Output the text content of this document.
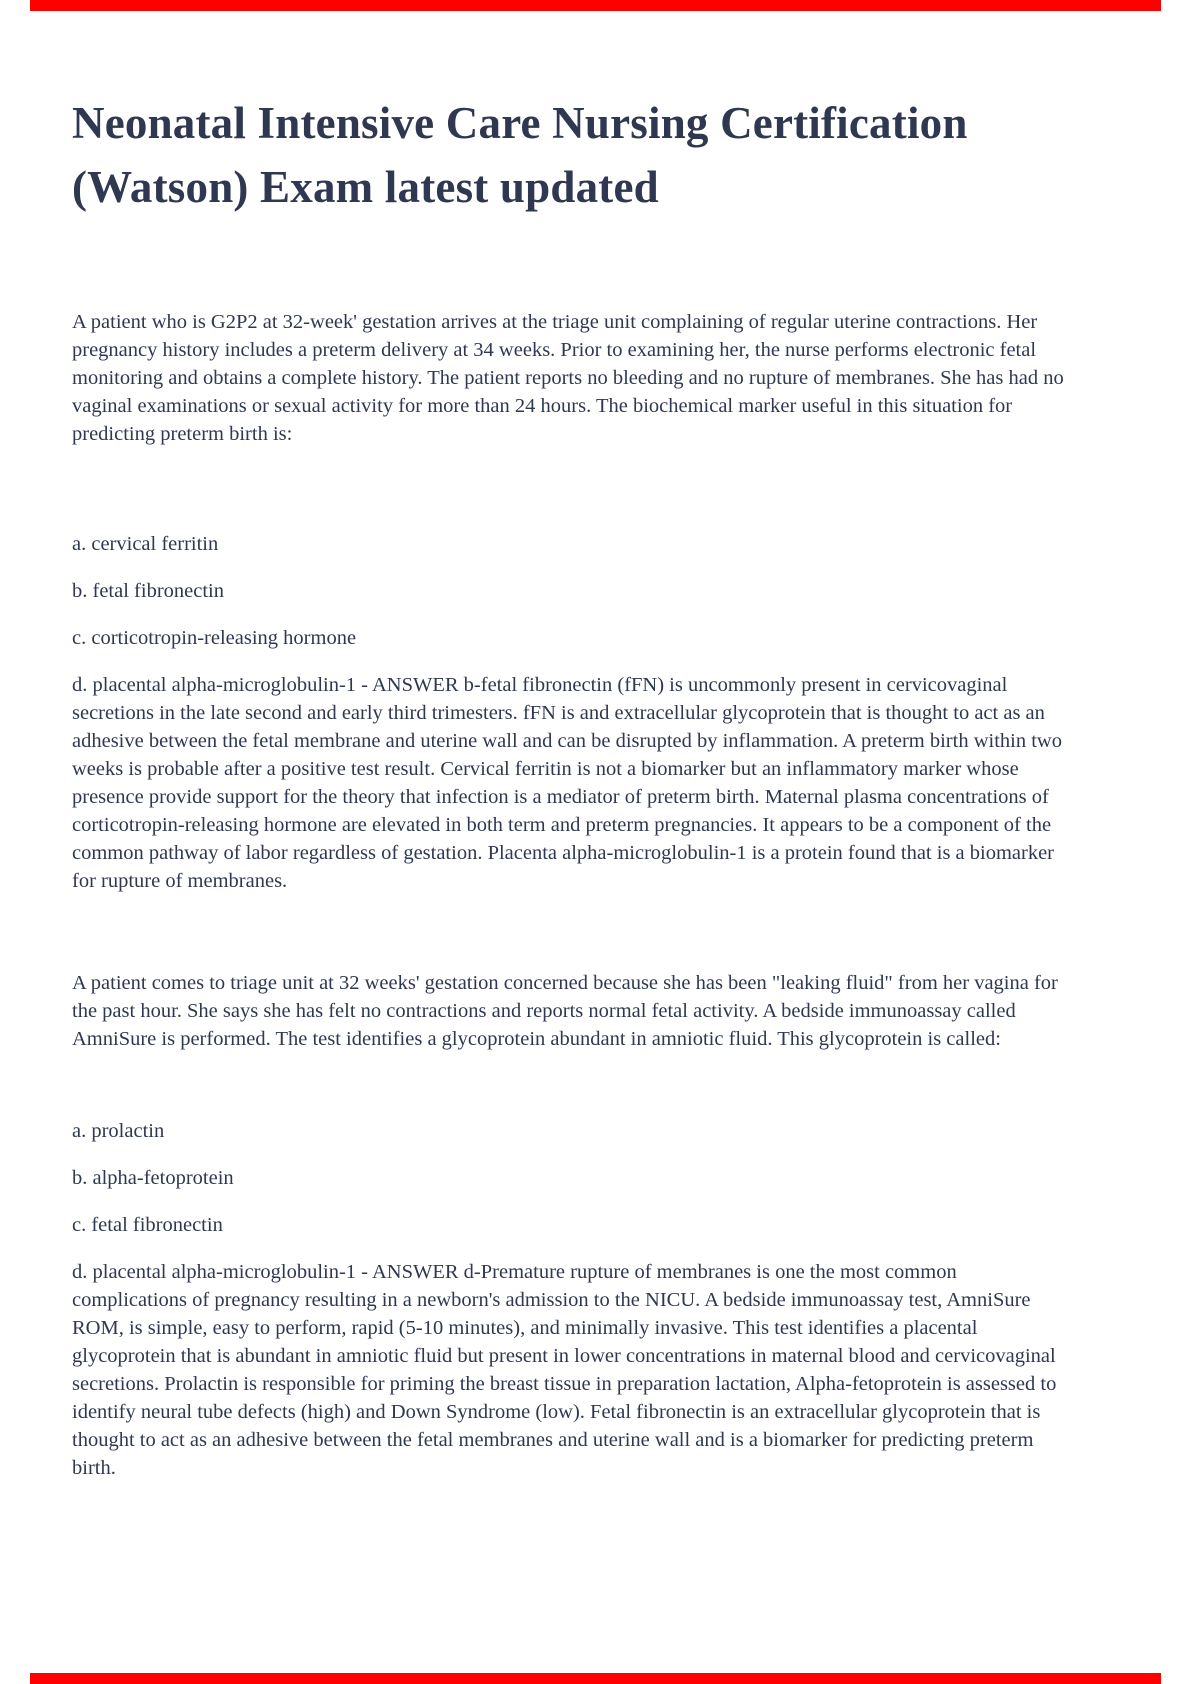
Neonatal Intensive Care Nursing Certification (Watson) Exam latest updated

A patient who is G2P2 at 32-week' gestation arrives at the triage unit complaining of regular uterine contractions. Her pregnancy history includes a preterm delivery at 34 weeks. Prior to examining her, the nurse performs electronic fetal monitoring and obtains a complete history. The patient reports no bleeding and no rupture of membranes. She has had no vaginal examinations or sexual activity for more than 24 hours. The biochemical marker useful in this situation for predicting preterm birth is:

a. cervical ferritin

b. fetal fibronectin

c. corticotropin-releasing hormone

d. placental alpha-microglobulin-1 - ANSWER b-fetal fibronectin (fFN) is uncommonly present in cervicovaginal secretions in the late second and early third trimesters. fFN is and extracellular glycoprotein that is thought to act as an adhesive between the fetal membrane and uterine wall and can be disrupted by inflammation. A preterm birth within two weeks is probable after a positive test result. Cervical ferritin is not a biomarker but an inflammatory marker whose presence provide support for the theory that infection is a mediator of preterm birth. Maternal plasma concentrations of corticotropin-releasing hormone are elevated in both term and preterm pregnancies. It appears to be a component of the common pathway of labor regardless of gestation. Placenta alpha-microglobulin-1 is a protein found that is a biomarker for rupture of membranes.

A patient comes to triage unit at 32 weeks' gestation concerned because she has been "leaking fluid" from her vagina for the past hour. She says she has felt no contractions and reports normal fetal activity. A bedside immunoassay called AmniSure is performed. The test identifies a glycoprotein abundant in amniotic fluid. This glycoprotein is called:

a. prolactin

b. alpha-fetoprotein

c. fetal fibronectin

d. placental alpha-microglobulin-1 - ANSWER d-Premature rupture of membranes is one the most common complications of pregnancy resulting in a newborn's admission to the NICU. A bedside immunoassay test, AmniSure ROM, is simple, easy to perform, rapid (5-10 minutes), and minimally invasive. This test identifies a placental glycoprotein that is abundant in amniotic fluid but present in lower concentrations in maternal blood and cervicovaginal secretions. Prolactin is responsible for priming the breast tissue in preparation lactation, Alpha-fetoprotein is assessed to identify neural tube defects (high) and Down Syndrome (low). Fetal fibronectin is an extracellular glycoprotein that is thought to act as an adhesive between the fetal membranes and uterine wall and is a biomarker for predicting preterm birth.
